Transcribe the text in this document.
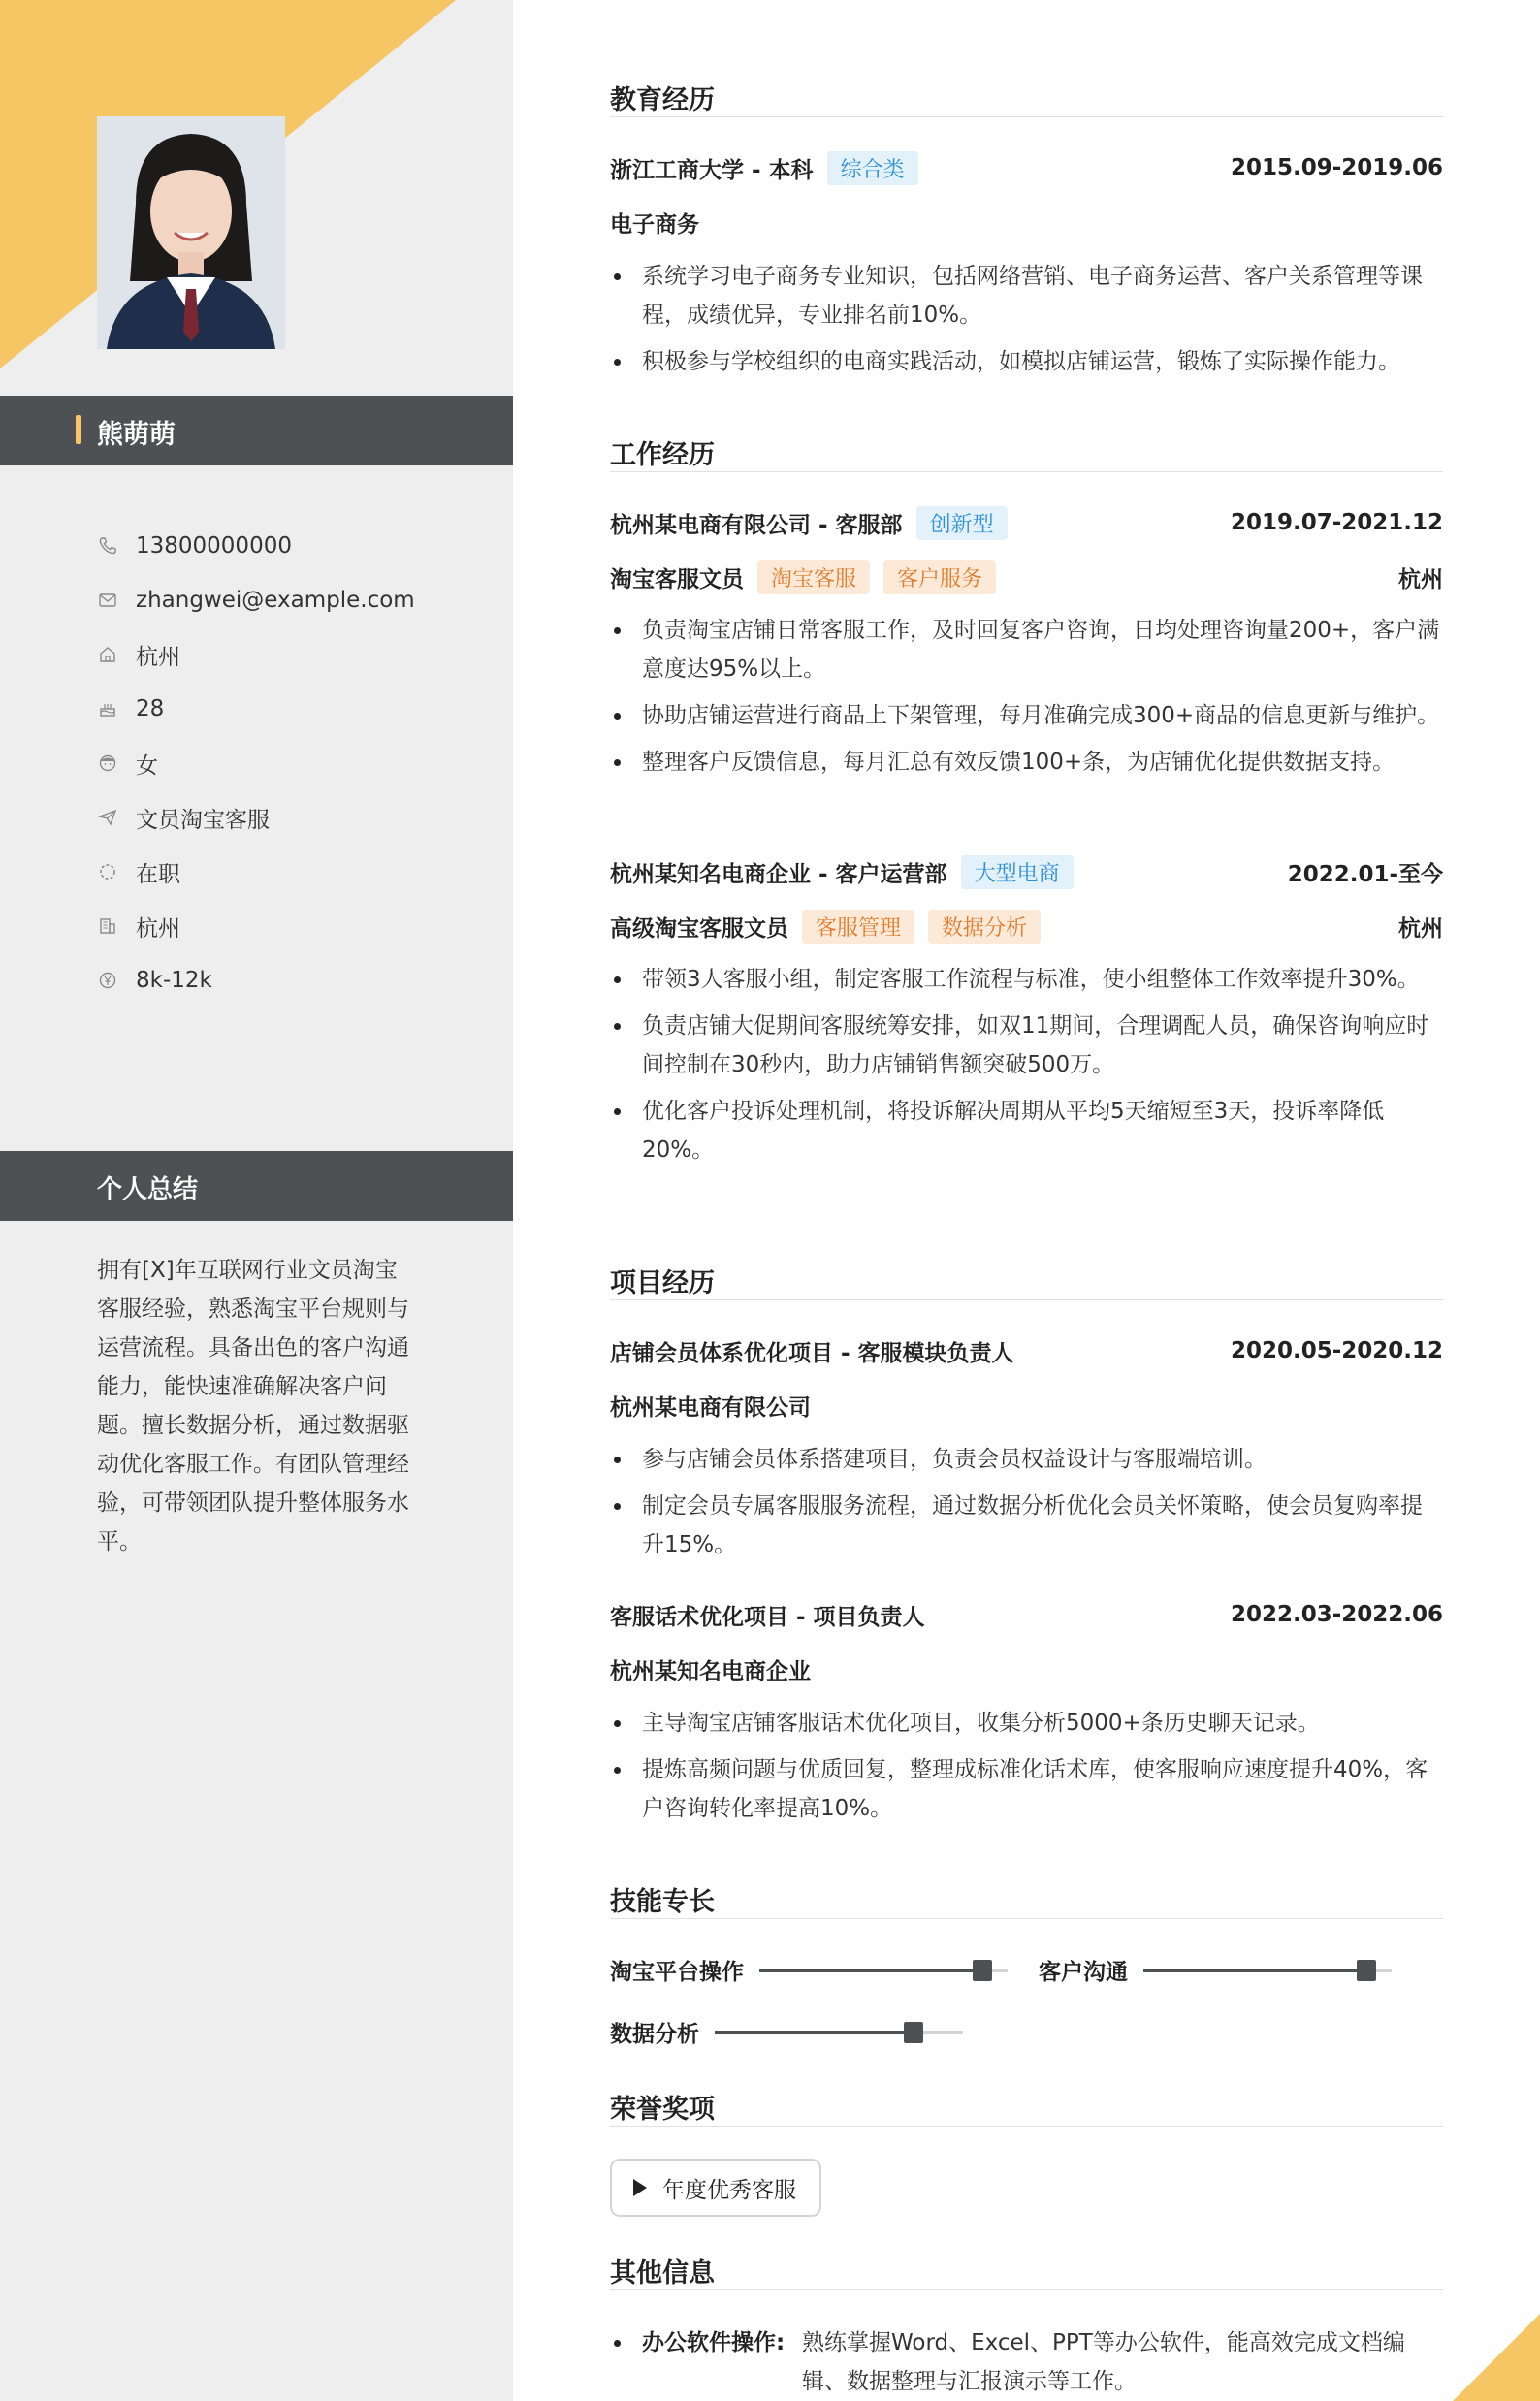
熊萌萌
13800000000
zhangwei@example.com
杭州
28
女
文员淘宝客服
在职
杭州
8k-12k
个人总结
拥有[X]年互联网行业文员淘宝客服经验，熟悉淘宝平台规则与运营流程。具备出色的客户沟通能力，能快速准确解决客户问题。擅长数据分析，通过数据驱动优化客服工作。有团队管理经验，可带领团队提升整体服务水平。
教育经历
浙江工商大学 - 本科	综合类	2015.09-2019.06
电子商务
系统学习电子商务专业知识，包括网络营销、电子商务运营、客户关系管理等课程，成绩优异，专业排名前10%。
积极参与学校组织的电商实践活动，如模拟店铺运营，锻炼了实际操作能力。
工作经历
杭州某电商有限公司 - 客服部	创新型	2019.07-2021.12
淘宝客服文员	淘宝客服	客户服务	杭州
负责淘宝店铺日常客服工作，及时回复客户咨询，日均处理咨询量200+，客户满意度达95%以上。
协助店铺运营进行商品上下架管理，每月准确完成300+商品的信息更新与维护。
整理客户反馈信息，每月汇总有效反馈100+条，为店铺优化提供数据支持。
杭州某知名电商企业 - 客户运营部	大型电商	2022.01-至今
高级淘宝客服文员	客服管理	数据分析	杭州
带领3人客服小组，制定客服工作流程与标准，使小组整体工作效率提升30%。
负责店铺大促期间客服统筹安排，如双11期间，合理调配人员，确保咨询响应时间控制在30秒内，助力店铺销售额突破500万。
优化客户投诉处理机制，将投诉解决周期从平均5天缩短至3天，投诉率降低20%。
项目经历
店铺会员体系优化项目 - 客服模块负责人	2020.05-2020.12
杭州某电商有限公司
参与店铺会员体系搭建项目，负责会员权益设计与客服端培训。
制定会员专属客服服务流程，通过数据分析优化会员关怀策略，使会员复购率提升15%。
客服话术优化项目 - 项目负责人	2022.03-2022.06
杭州某知名电商企业
主导淘宝店铺客服话术优化项目，收集分析5000+条历史聊天记录。
提炼高频问题与优质回复，整理成标准化话术库，使客服响应速度提升40%，客户咨询转化率提高10%。
技能专长
淘宝平台操作	客户沟通
数据分析
荣誉奖项
年度优秀客服
其他信息
办公软件操作: 熟练掌握Word、Excel、PPT等办公软件，能高效完成文档编辑、数据整理与汇报演示等工作。
